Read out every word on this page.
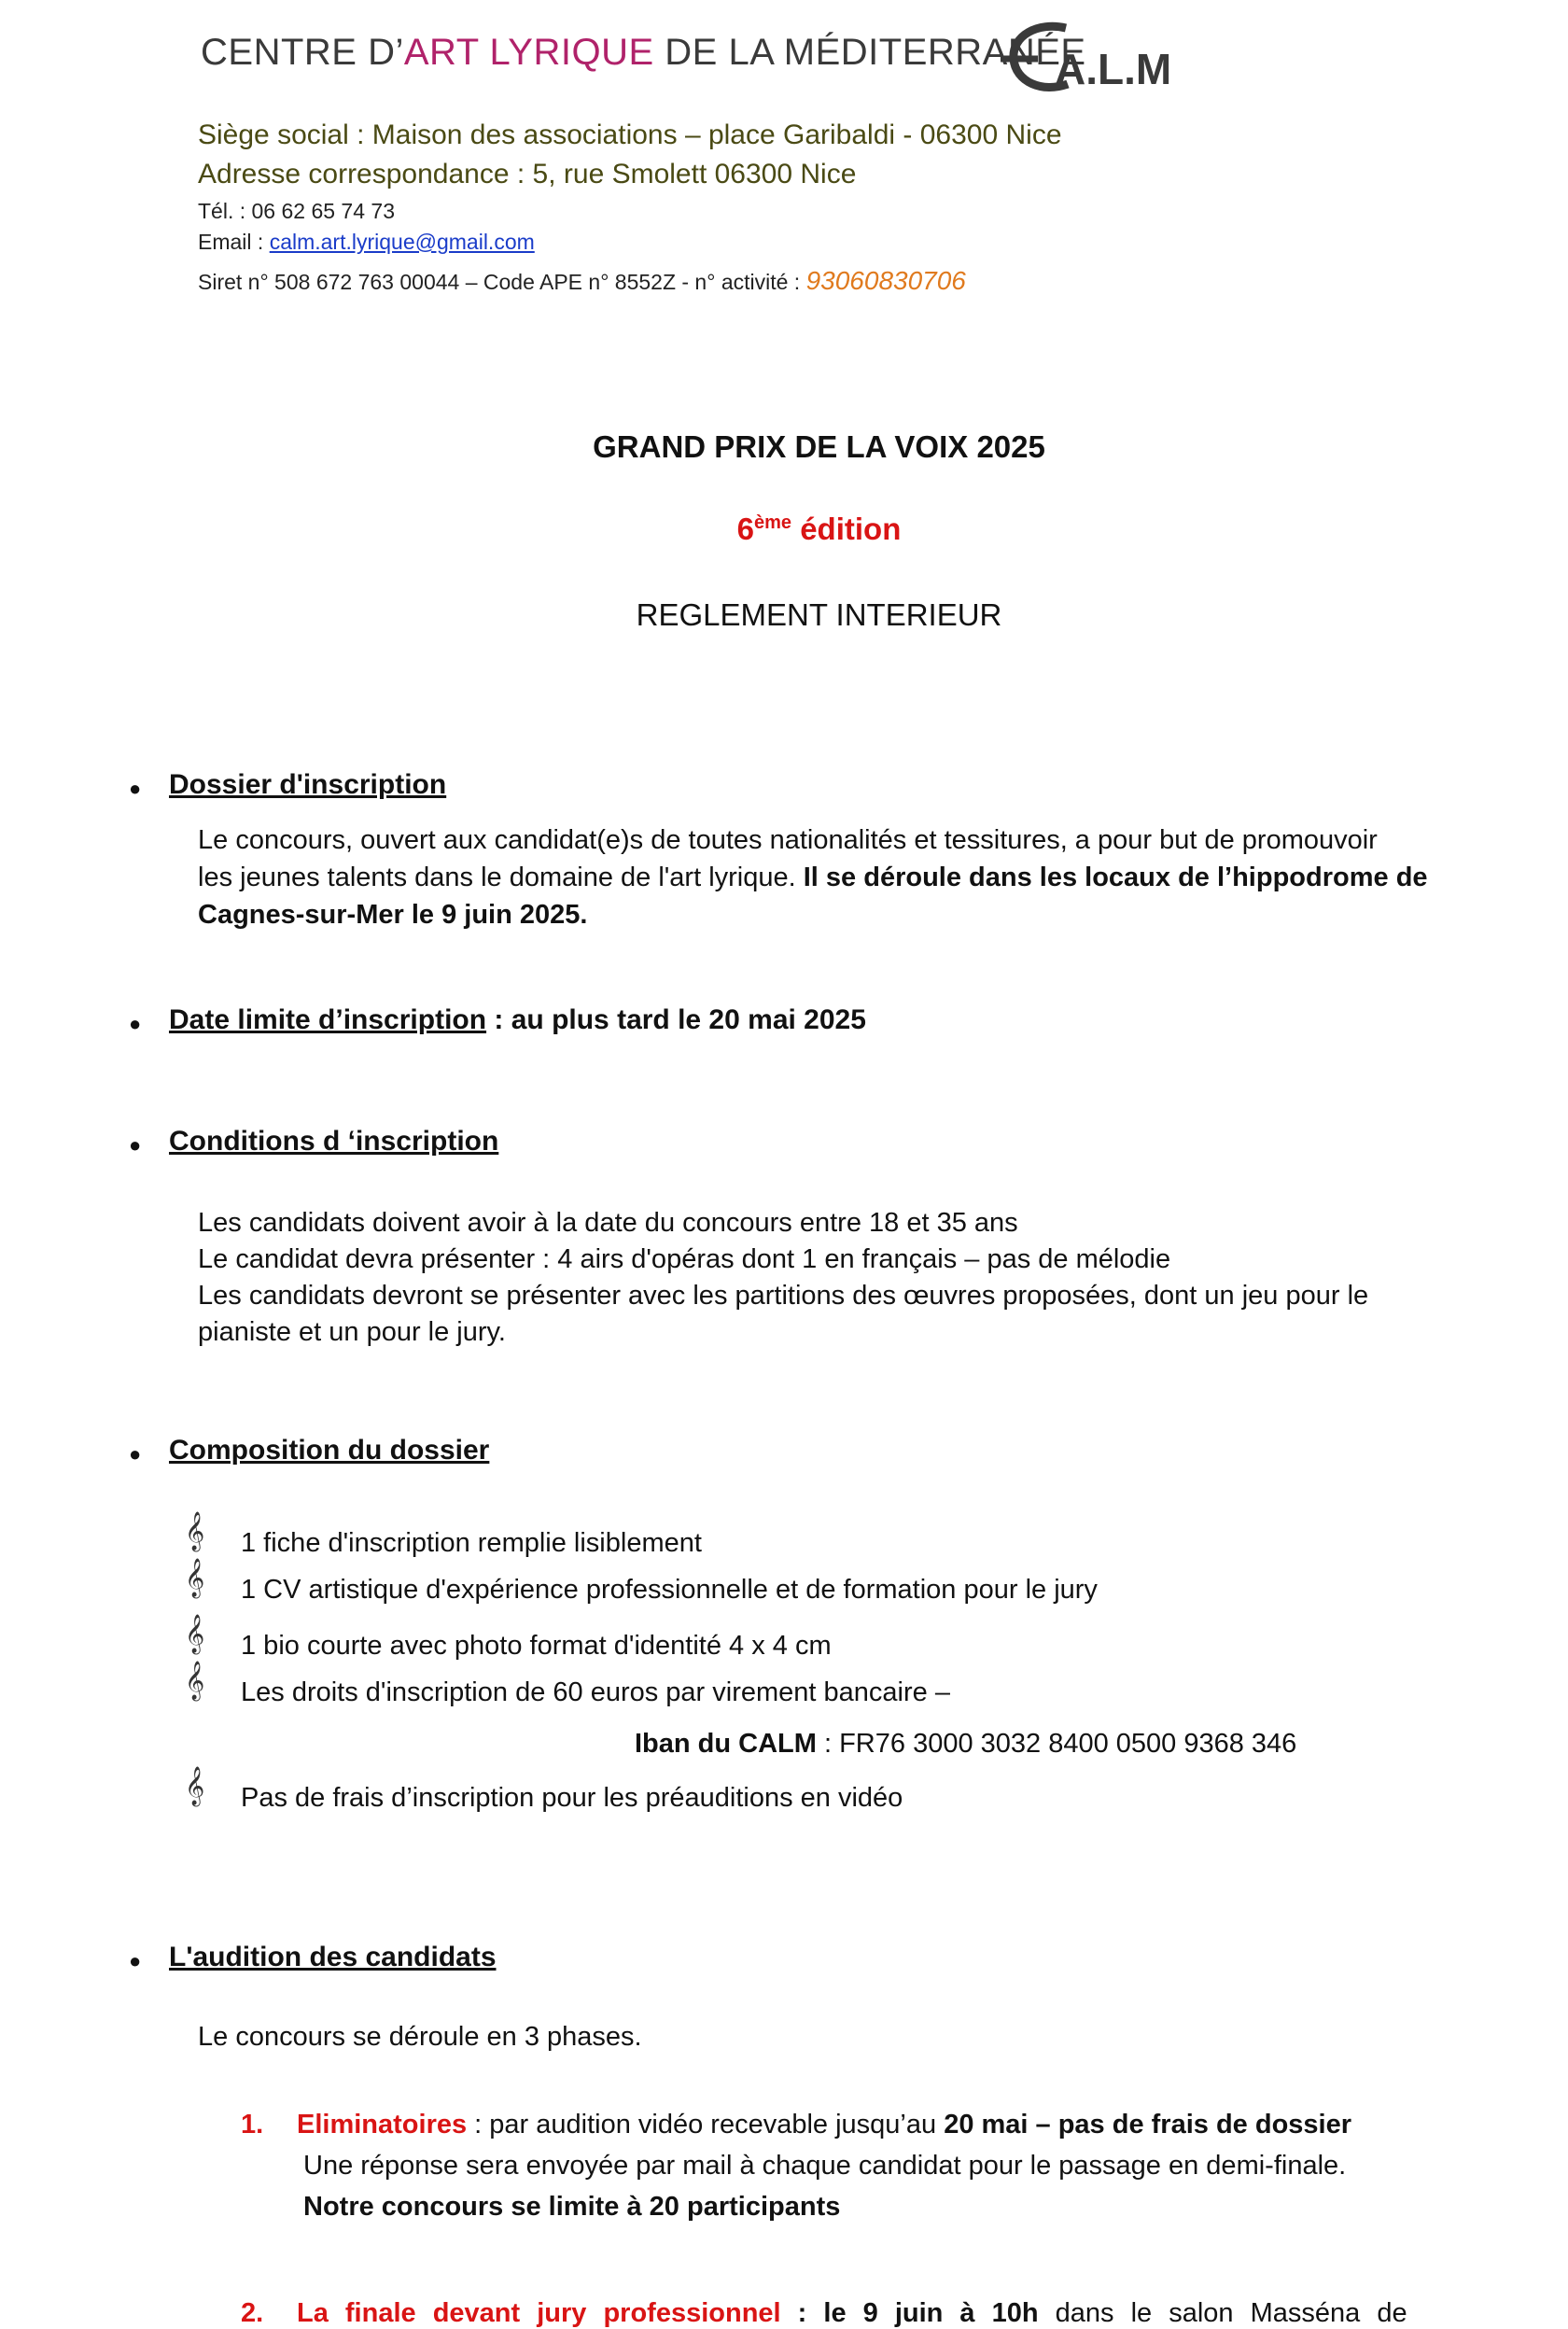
CENTRE D’ART LYRIQUE DE LA MÉDITERRANÉE
A.L.M
Siège social : Maison des associations – place Garibaldi - 06300 Nice
Adresse correspondance : 5, rue Smolett 06300 Nice
Tél. : 06 62 65 74 73
Email : calm.art.lyrique@gmail.com
Siret n° 508 672 763 00044 – Code APE n° 8552Z - n° activité : 93060830706
GRAND PRIX DE LA VOIX 2025
6ème édition
REGLEMENT INTERIEUR
● Dossier d'inscription
Le concours, ouvert aux candidat(e)s de toutes nationalités et tessitures, a pour but de promouvoir
les jeunes talents dans le domaine de l'art lyrique. Il se déroule dans les locaux de l’hippodrome de
Cagnes-sur-Mer le 9 juin 2025.
● Date limite d’inscription : au plus tard le 20 mai 2025
● Conditions d ‘inscription
Les candidats doivent avoir à la date du concours entre 18 et 35 ans
Le candidat devra présenter : 4 airs d'opéras dont 1 en français – pas de mélodie
Les candidats devront se présenter avec les partitions des œuvres proposées, dont un jeu pour le
pianiste et un pour le jury.
● Composition du dossier
𝄞 1 fiche d'inscription remplie lisiblement
𝄞 1 CV artistique d'expérience professionnelle et de formation pour le jury
𝄞 1 bio courte avec photo format d'identité 4 x 4 cm
𝄞 Les droits d'inscription de 60 euros par virement bancaire –
Iban du CALM : FR76 3000 3032 8400 0500 9368 346
𝄞 Pas de frais d’inscription pour les préauditions en vidéo
● L'audition des candidats
Le concours se déroule en 3 phases.
1. Eliminatoires : par audition vidéo recevable jusqu’au 20 mai – pas de frais de dossier
Une réponse sera envoyée par mail à chaque candidat pour le passage en demi-finale.
Notre concours se limite à 20 participants
2. La finale devant jury professionnel : le 9 juin à 10h dans le salon Masséna de
